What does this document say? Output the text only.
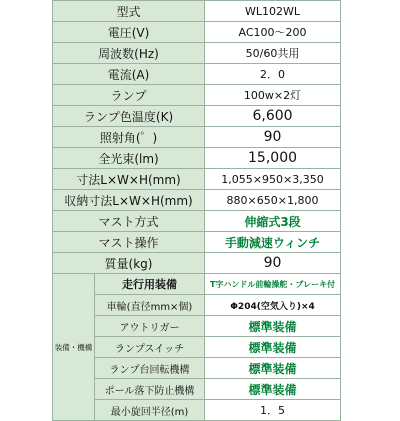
型式		WL102WL
電圧(V)		AC100～200
周波数(Hz)		50/60共用
電流(A)		2．0
ランプ		100w×2灯
ランプ色温度(K)		6,600
照射角(゜)		90
全光束(lm)		15,000
寸法L×W×H(mm)		1,055×950×3,350
収納寸法L×W×H(mm)		880×650×1,800
マスト方式		伸縮式3段
マスト操作		手動減速ウィンチ
質量(kg)		90
装備・機構	走行用装備	T字ハンドル前輪操舵・ブレーキ付
	車輪(直径mm×個)	Φ204(空気入り)×4
	アウトリガー	標準装備
	ランプスイッチ	標準装備
	ランプ台回転機構	標準装備
	ポール落下防止機構	標準装備
	最小旋回半径(m)	1．5
